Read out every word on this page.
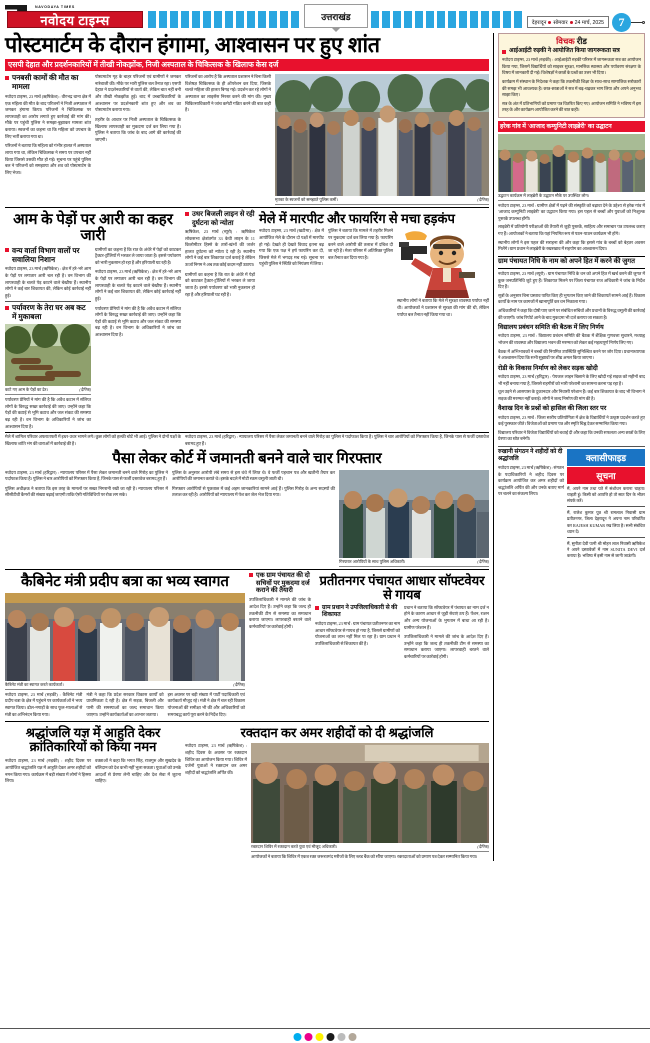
NAVODAYA TIMES
नवोदय टाइम्स	उत्तराखंड
देहरादून सोमवार 24 मार्च, 2025	7
पोस्टमार्टम के दौरान हंगामा, आश्वासन पर हुए शांत
एसपी देहात और प्रदर्शनकारियों में तीखी नोकझोंक, निजी अस्पताल के चिकित्सक के खिलाफ केस दर्ज
पनबसी कामों की मौत का मामला
नवोदय टाइम्स, 23 मार्च (ऋषिकेश) : वीरभद्र थाना क्षेत्र में एक महिला की मौत के बाद परिजनों ने निजी अस्पताल में जमकर हंगामा किया। परिजनों ने चिकित्सक पर लापरवाही का आरोप लगाते हुए कार्रवाई की मांग की। मौके पर पहुंची पुलिस ने समझा-बुझाकर मामला शांत कराया। स्वजनों का कहना था कि महिला को उपचार के लिए भर्ती कराया गया था।
परिजनों ने बताया कि महिला को गंभीर हालत में अस्पताल लाया गया था, लेकिन चिकित्सक ने समय पर उपचार नहीं किया जिससे उसकी मौत हो गई। सूचना पर पहुंचे पुलिस बल ने परिजनों को समझाया और शव को पोस्टमार्टम के लिए भेजा।
पोस्टमार्टम गृह के बाहर परिजनों एवं ग्रामीणों ने जमकर नारेबाजी की। मौके पर भारी पुलिस बल तैनात रहा। एसपी देहात ने प्रदर्शनकारियों से वार्ता की, लेकिन बात नहीं बनी और तीखी नोकझोंक हुई। बाद में उच्चाधिकारियों के आश्वासन पर प्रदर्शनकारी शांत हुए और शव का पोस्टमार्टम कराया गया।
तहरीर के आधार पर निजी अस्पताल के चिकित्सक के खिलाफ लापरवाही का मुकदमा दर्ज कर लिया गया है। पुलिस ने बताया कि जांच के बाद आगे की कार्रवाई की जाएगी।
परिजनों का आरोप है कि अस्पताल प्रशासन ने बिना किसी विशेषज्ञ चिकित्सक के ही ऑपरेशन कर दिया, जिसके चलते महिला की हालत बिगड़ गई। प्रदर्शन कर रहे लोगों ने अस्पताल का लाइसेंस निरस्त करने की मांग की। मुख्य चिकित्साधिकारी ने जांच कमेटी गठित करने की बात कही है।
मृतका के स्वजनों को समझाते पुलिस कर्मी।	(दैनिक)
आम के पेड़ों पर आरी का कहर जारी
वन्य वार्ता विभाग वालों पर सवालिया निशान
नवोदय टाइम्स, 23 मार्च (ऋषिकेश) : क्षेत्र में हरे-भरे आम के पेड़ों पर लगातार आरी चल रही है। वन विभाग की लापरवाही के चलते पेड़ काटने वाले बेखौफ हैं। स्थानीय लोगों ने कई बार शिकायत की, लेकिन कोई कार्रवाई नहीं हुई।
पर्यावरण के तेरा घर अब कट में मुकाबला
काटे गए आम के पेड़ों का ढेर।	(दैनिक)
पर्यावरण प्रेमियों ने मांग की है कि अवैध कटान में संलिप्त लोगों के विरुद्ध सख्त कार्रवाई की जाए। उन्होंने कहा कि पेड़ों की कटाई से भूमि कटाव और जल संकट की समस्या बढ़ रही है। वन विभाग के अधिकारियों ने जांच का आश्वासन दिया है।
ग्रामीणों का कहना है कि रात के अंधेरे में पेड़ों को काटकर ट्रैक्टर-ट्रॉलियों में भरकर ले जाया जाता है। इससे पर्यावरण को भारी नुकसान हो रहा है और हरियाली घट रही है।
नवोदय टाइम्स, 23 मार्च (ऋषिकेश) : क्षेत्र में हरे-भरे आम के पेड़ों पर लगातार आरी चल रही है। वन विभाग की लापरवाही के चलते पेड़ काटने वाले बेखौफ हैं। स्थानीय लोगों ने कई बार शिकायत की, लेकिन कोई कार्रवाई नहीं हुई।
पर्यावरण प्रेमियों ने मांग की है कि अवैध कटान में संलिप्त लोगों के विरुद्ध सख्त कार्रवाई की जाए। उन्होंने कहा कि पेड़ों की कटाई से भूमि कटाव और जल संकट की समस्या बढ़ रही है। वन विभाग के अधिकारियों ने जांच का आश्वासन दिया है।
उधर बिजली लाइन से रही दुर्घटना को न्योता
ऋषिकेश, 23 मार्च (ब्यूरो) : ऋषिकेश लोकसभा क्षेत्रांतर्गत 33 केवी लाइन के 11 किलोमीटर हिस्से के तारों-खंभों की जर्जर हालत दुर्घटना को न्योता दे रही है। स्थानीय लोगों ने कई बार शिकायत दर्ज कराई है लेकिन ऊर्जा निगम ने अब तक कोई कदम नहीं उठाया।
ग्रामीणों का कहना है कि रात के अंधेरे में पेड़ों को काटकर ट्रैक्टर-ट्रॉलियों में भरकर ले जाया जाता है। इससे पर्यावरण को भारी नुकसान हो रहा है और हरियाली घट रही है।
मेले में मारपीट और फायरिंग से मचा हड़कंप
नवोदय टाइम्स, 23 मार्च (खटीमा) : क्षेत्र में आयोजित मेले के दौरान दो पक्षों में मारपीट हो गई। देखते ही देखते विवाद इतना बढ़ गया कि एक पक्ष ने हर्ष फायरिंग कर दी, जिससे मेले में भगदड़ मच गई। सूचना पर पहुंची पुलिस ने स्थिति को नियंत्रण में लिया।
पुलिस ने बताया कि मामले में तहरीर मिलने पर मुकदमा दर्ज कर लिया गया है। फायरिंग करने वाले आरोपी की तलाश में दबिश दी जा रही है। मेला परिसर में अतिरिक्त पुलिस बल तैनात कर दिया गया है।
स्थानीय लोगों ने बताया कि मेले में सुरक्षा व्यवस्था पर्याप्त नहीं थी। आयोजकों ने प्रशासन से सुरक्षा की मांग की थी, लेकिन पर्याप्त बल तैनात नहीं किया गया था।
मेले में शामिल परिवार अफरातफरी में इधर-उधर भागने लगे। कुछ लोगों को हल्की चोटें भी आईं। पुलिस ने दोनों पक्षों के खिलाफ शांति भंग की धाराओं में कार्रवाई की है।
नवोदय टाइम्स, 23 मार्च (हरिद्वार) : न्यायालय परिसर में पैसा लेकर जमानती बनने वाले गिरोह का पुलिस ने पर्दाफाश किया है। पुलिस ने चार आरोपियों को गिरफ्तार किया है, जिनके पास से फर्जी दस्तावेज बरामद हुए हैं।
पैसा लेकर कोर्ट में जमानती बनने वाले चार गिरफ्तार
नवोदय टाइम्स, 23 मार्च (हरिद्वार) : न्यायालय परिसर में पैसा लेकर जमानती बनने वाले गिरोह का पुलिस ने पर्दाफाश किया है। पुलिस ने चार आरोपियों को गिरफ्तार किया है, जिनके पास से फर्जी दस्तावेज बरामद हुए हैं।
पुलिस अधीक्षक ने बताया कि इस तरह के मामलों पर सख्त निगरानी रखी जा रही है। न्यायालय परिसर में सीसीटीवी कैमरों की संख्या बढ़ाई जाएगी ताकि ऐसी गतिविधियों पर रोक लग सके।
पुलिस के अनुसार आरोपी लंबे समय से इस धंधे में लिप्त थे। वे फर्जी पहचान पत्र और खतौनी तैयार कर आरोपियों की जमानत कराते थे। इसके बदले में मोटी रकम वसूली जाती थी।
गिरफ्तार आरोपियों से पूछताछ में कई अहम जानकारियां सामने आई हैं। पुलिस गिरोह के अन्य सदस्यों की तलाश कर रही है। आरोपियों को न्यायालय में पेश कर जेल भेज दिया गया।
गिरफ्तार आरोपियों के साथ पुलिस अधिकारी।	(दैनिक)
कैबिनेट मंत्री प्रदीप बत्रा का भव्य स्वागत
कैबिनेट मंत्री का स्वागत करते कार्यकर्ता।	(दैनिक)
नवोदय टाइम्स, 23 मार्च (रुड़की) : कैबिनेट मंत्री प्रदीप बत्रा के क्षेत्र में पहुंचने पर कार्यकर्ताओं ने भव्य स्वागत किया। ढोल-नगाड़ों के साथ फूल-मालाओं से मंत्री का अभिनंदन किया गया।
मंत्री ने कहा कि प्रदेश सरकार विकास कार्यों को प्राथमिकता दे रही है। क्षेत्र में सड़क, बिजली और पानी की समस्याओं का जल्द समाधान किया जाएगा। उन्होंने कार्यकर्ताओं का आभार जताया।
इस अवसर पर बड़ी संख्या में पार्टी पदाधिकारी एवं कार्यकर्ता मौजूद रहे। मंत्री ने क्षेत्र में चल रही विकास योजनाओं की समीक्षा भी की और अधिकारियों को समयबद्ध कार्य पूरा करने के निर्देश दिए।
एक ग्राम पंचायत की दो सचिवों पर मुकदमा दर्ज कराने की तैयारी
उपजिलाधिकारी ने मामले की जांच के आदेश दिए हैं। उन्होंने कहा कि जल्द ही तकनीकी टीम से समस्या का समाधान कराया जाएगा। लापरवाही बरतने वाले कर्मचारियों पर कार्रवाई होगी।
प्रतीतनगर पंचायत आधार सॉफ्टवेयर से गायब
ग्राम प्रधान ने उपजिलाधिकारी से की शिकायत
नवोदय टाइम्स, 23 मार्च : ग्राम पंचायत प्रतीतनगर का नाम आधार सॉफ्टवेयर से गायब हो गया है, जिससे ग्रामीणों को योजनाओं का लाभ नहीं मिल पा रहा है। ग्राम प्रधान ने उपजिलाधिकारी से शिकायत की है।
प्रधान ने बताया कि सॉफ्टवेयर में पंचायत का नाम दर्ज न होने के कारण आधार से जुड़ी सेवाएं ठप हैं। पेंशन, राशन और अन्य योजनाओं के भुगतान में बाधा आ रही है। ग्रामीण परेशान हैं।
उपजिलाधिकारी ने मामले की जांच के आदेश दिए हैं। उन्होंने कहा कि जल्द ही तकनीकी टीम से समस्या का समाधान कराया जाएगा। लापरवाही बरतने वाले कर्मचारियों पर कार्रवाई होगी।
श्रद्धांजलि यज्ञ में आहुति देकर क्रांतिकारियों को किया नमन
नवोदय टाइम्स, 23 मार्च (रुड़की) : शहीद दिवस पर आयोजित श्रद्धांजलि यज्ञ में आहुति देकर अमर शहीदों को नमन किया गया। कार्यक्रम में बड़ी संख्या में लोगों ने हिस्सा लिया।
वक्ताओं ने कहा कि भगत सिंह, राजगुरु और सुखदेव के बलिदान को देश कभी नहीं भुला सकता। युवाओं को उनके आदर्शों से प्रेरणा लेनी चाहिए और देश सेवा में जुटना चाहिए।
रक्तदान कर अमर शहीदों को दी श्रद्धांजलि
नवोदय टाइम्स, 23 मार्च (ऋषिकेश) : शहीद दिवस के अवसर पर रक्तदान शिविर का आयोजन किया गया। शिविर में दर्जनों युवाओं ने रक्तदान कर अमर शहीदों को श्रद्धांजलि अर्पित की।
रक्तदान शिविर में रक्तदान करते युवा एवं मौजूद अधिकारी।	(दैनिक)
आयोजकों ने बताया कि शिविर में एकत्र रक्त जरूरतमंद मरीजों के लिए ब्लड बैंक को सौंपा जाएगा। रक्तदाताओं को प्रमाण पत्र देकर सम्मानित किया गया।
विचक रीड
आईआईटी रुड़की ने आयोजित किया जागरूकता सत्र
नवोदय टाइम्स, 23 मार्च (रुड़की) : आईआईटी रुड़की परिसर में जागरूकता सत्र का आयोजन किया गया, जिसमें विद्यार्थियों को साइबर सुरक्षा, मानसिक स्वास्थ्य और पर्यावरण संरक्षण के विषय में जानकारी दी गई। विशेषज्ञों ने छात्रों के प्रश्नों का उत्तर भी दिया।
कार्यक्रम में संस्थान के निदेशक ने कहा कि तकनीकी शिक्षा के साथ-साथ सामाजिक सरोकारों की समझ भी आवश्यक है। छात्र-छात्राओं ने सत्र में बढ़-चढ़कर भाग लिया और अपने अनुभव साझा किए।
सत्र के अंत में प्रतिभागियों को प्रमाण पत्र वितरित किए गए। आयोजन समिति ने भविष्य में इस तरह के और कार्यक्रम आयोजित करने की बात कही।
हरेक गांव में 'आजाद कम्युनिटी लाइब्रेरी' का उद्घाटन
उद्घाटन कार्यक्रम में लाइब्रेरी के उद्घाटन मौके पर उपस्थित लोग।
नवोदय टाइम्स, 23 मार्च : ग्रामीण क्षेत्रों में पढ़ने की संस्कृति को बढ़ावा देने के उद्देश्य से हरेक गांव में 'आजाद कम्युनिटी लाइब्रेरी' का उद्घाटन किया गया। इस पहल से बच्चों और युवाओं को निःशुल्क पुस्तकें उपलब्ध होंगी।
लाइब्रेरी में प्रतियोगी परीक्षाओं की तैयारी से जुड़ी पुस्तकें, साहित्य और समाचार पत्र उपलब्ध कराए गए हैं। आयोजकों ने बताया कि यहां नियमित रूप से पठन-पाठन कार्यक्रम भी होंगे।
स्थानीय लोगों ने इस पहल की सराहना की और कहा कि इससे गांव के बच्चों को बेहतर अवसर मिलेंगे। ग्राम प्रधान ने लाइब्रेरी के रखरखाव में सहयोग का आश्वासन दिया।
ग्राम पंचायत निधि के नाम को अपने हित में करने की जुगत
नवोदय टाइम्स, 23 मार्च (ब्यूरो) : ग्राम पंचायत निधि के धन को अपने हित में खर्च करने की जुगत में कुछ जनप्रतिनिधि जुटे हुए हैं। शिकायत मिलने पर जिला पंचायत राज अधिकारी ने जांच के निर्देश दिए हैं।
सूत्रों के अनुसार बिना प्रस्ताव पारित किए ही भुगतान किए जाने की शिकायतें सामने आई हैं। विकास कार्यों के नाम पर कागजों में खानापूर्ति कर धन निकाला गया।
अधिकारियों ने कहा कि दोषी पाए जाने पर संबंधित सचिवों और प्रधानों के विरुद्ध वसूली की कार्रवाई की जाएगी। जांच रिपोर्ट आने के बाद मुकदमा भी दर्ज कराया जा सकता है।
विद्यालय प्रबंधन समिति की बैठक में लिए निर्णय
नवोदय टाइम्स, 23 मार्च : विद्यालय प्रबंधन समिति की बैठक में शैक्षिक गुणवत्ता सुधारने, मध्याह्न भोजन की व्यवस्था और विद्यालय भवन की मरम्मत को लेकर कई महत्वपूर्ण निर्णय लिए गए।
बैठक में अभिभावकों ने बच्चों की नियमित उपस्थिति सुनिश्चित करने पर जोर दिया। प्रधानाध्यापक ने आश्वासन दिया कि सभी सुझावों पर शीघ्र अमल किया जाएगा।
रोडी के विकास निर्माण को लेकर सड़क खोदी
नवोदय टाइम्स, 23 मार्च (हरिद्वार) : पेयजल लाइन बिछाने के लिए खोदी गई सड़क को महीनों बाद भी नहीं बनाया गया है, जिससे राहगीरों को भारी परेशानी का सामना करना पड़ रहा है।
धूल उड़ने से आसपास के दुकानदार और निवासी परेशान हैं। कई बार शिकायत के बाद भी विभाग ने सड़क की मरम्मत नहीं कराई। लोगों ने जल्द निर्माण की मांग की है।
वैशाख दिन के प्रश्नों को हासिल की जिला स्तर पर
नवोदय टाइम्स, 23 मार्च : जिला स्तरीय प्रतियोगिता में क्षेत्र के विद्यार्थियों ने उत्कृष्ट प्रदर्शन करते हुए कई पुरस्कार जीते। विजेताओं को प्रमाण पत्र और स्मृति चिह्न देकर सम्मानित किया गया।
विद्यालय परिवार ने विजेता विद्यार्थियों को बधाई दी और कहा कि उनकी सफलता अन्य छात्रों के लिए प्रेरणा का स्रोत बनेगी।
रुखानी संगठन ने शहीदों को दी श्रद्धांजलि
नवोदय टाइम्स, 23 मार्च (ऋषिकेश) : संगठन के पदाधिकारियों ने शहीद दिवस पर कार्यक्रम आयोजित कर अमर शहीदों को श्रद्धांजलि अर्पित की और उनके बताए मार्ग पर चलने का संकल्प लिया।
क्लासीफाइड
सूचना
मैं, अपने नाम तथा पते में संशोधन कराना चाहता/चाहती हूं। किसी को आपत्ति हो तो सात दिन के भीतर संपर्क करें।
मैं, राजेश कुमार पुत्र श्री रामलाल निवासी ग्राम प्रतीतनगर, जिला देहरादून ने अपना नाम परिवर्तित कर RAJESH KUMAR रख लिया है। सभी संबंधित ध्यान दें।
मैं, सुनीता देवी पत्नी श्री मोहन लाल निवासी ऋषिकेश ने अपने दस्तावेजों में नाम SUNITA DEVI दर्ज कराया है। भविष्य में इसी नाम से जानी जाऊंगी।
